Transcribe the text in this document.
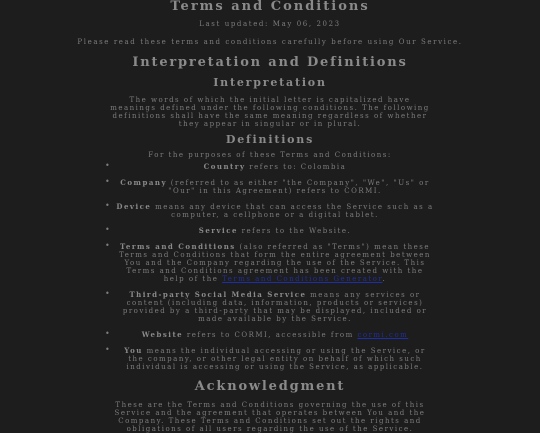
Terms and Conditions

Last updated: May 06, 2023

Please read these terms and conditions carefully before using Our Service.

Interpretation and Definitions
Interpretation

The words of which the initial letter is capitalized have meanings defined under the following conditions. The following definitions shall have the same meaning regardless of whether they appear in singular or in plural.

Definitions

For the purposes of these Terms and Conditions:

•	Country refers to: Colombia
•	Company (referred to as either "the Company", "We", "Us" or "Our" in this Agreement) refers to CORMI.
• Device means any device that can access the Service such as a computer, a cellphone or a digital tablet.
•	Service refers to the Website.
•	Terms and Conditions (also referred as "Terms") mean these Terms and Conditions that form the entire agreement between You and the Company regarding the use of the Service. This Terms and Conditions agreement has been created with the help of the Terms and Conditions Generator.
•	Third-party Social Media Service means any services or content (including data, information, products or services) provided by a third-party that may be displayed, included or made available by the Service.
•	Website refers to CORMI, accessible from cormi.com
•	You means the individual accessing or using the Service, or the company, or other legal entity on behalf of which such individual is accessing or using the Service, as applicable.
Acknowledgment

These are the Terms and Conditions governing the use of this Service and the agreement that operates between You and the Company. These Terms and Conditions set out the rights and obligations of all users regarding the use of the Service.
